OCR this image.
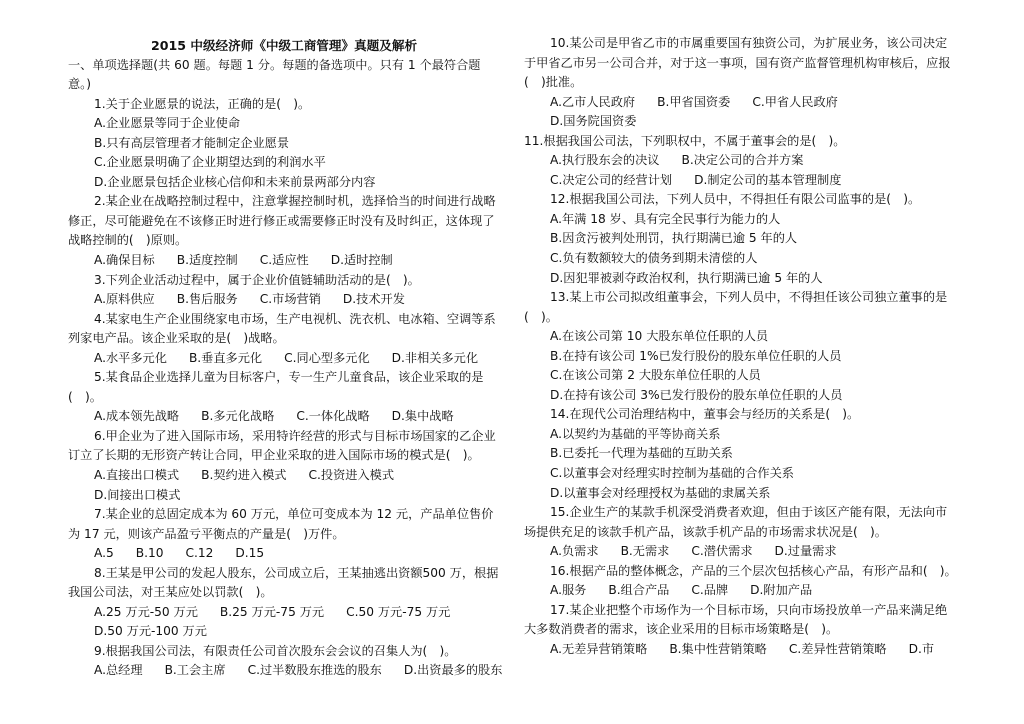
2015 中级经济师《中级工商管理》真题及解析
一、单项选择题(共 60 题。每题 1 分。每题的备选项中。只有 1 个最符合题意。)
1.关于企业愿景的说法，正确的是(　)。
A.企业愿景等同于企业使命
B.只有高层管理者才能制定企业愿景
C.企业愿景明确了企业期望达到的利润水平
D.企业愿景包括企业核心信仰和未来前景两部分内容
2.某企业在战略控制过程中，注意掌握控制时机，选择恰当的时间进行战略修正，尽可能避免在不该修正时进行修正或需要修正时没有及时纠正，这体现了战略控制的(　)原则。
A.确保目标 B.适度控制 C.适应性 D.适时控制
3.下列企业活动过程中，属于企业价值链辅助活动的是(　)。
A.原料供应 B.售后服务 C.市场营销 D.技术开发
4.某家电生产企业围绕家电市场，生产电视机、洗衣机、电冰箱、空调等系列家电产品。该企业采取的是(　)战略。
A.水平多元化 B.垂直多元化 C.同心型多元化 D.非相关多元化
5.某食品企业选择儿童为目标客户，专一生产儿童食品，该企业采取的是(　)。
A.成本领先战略 B.多元化战略 C.一体化战略 D.集中战略
6.甲企业为了进入国际市场，采用特许经营的形式与目标市场国家的乙企业订立了长期的无形资产转让合同，甲企业采取的进入国际市场的模式是(　)。
A.直接出口模式 B.契约进入模式 C.投资进入模式D.间接出口模式
7.某企业的总固定成本为 60 万元，单位可变成本为 12 元，产品单位售价为 17 元，则该产品盈亏平衡点的产量是(　)万件。
A.5 B.10 C.12 D.15
8.王某是甲公司的发起人股东，公司成立后，王某抽逃出资额500 万，根据我国公司法，对王某应处以罚款(　)。
A.25 万元-50 万元 B.25 万元-75 万元 C.50 万元-75 万元D.50 万元-100 万元
9.根据我国公司法，有限责任公司首次股东会会议的召集人为(　)。
A.总经理 B.工会主席 C.过半数股东推选的股东 D.出资最多的股东
10.某公司是甲省乙市的市属重要国有独资公司，为扩展业务，该公司决定于甲省乙市另一公司合并，对于这一事项，国有资产监督管理机构审核后，应报(　)批准。
A.乙市人民政府 B.甲省国资委 C.甲省人民政府D.国务院国资委
11.根据我国公司法，下列职权中，不属于董事会的是(　)。
A.执行股东会的决议 B.决定公司的合并方案
C.决定公司的经营计划 D.制定公司的基本管理制度
12.根据我国公司法，下列人员中，不得担任有限公司监事的是(　)。
A.年满 18 岁、具有完全民事行为能力的人
B.因贪污被判处刑罚，执行期满已逾 5 年的人
C.负有数额较大的债务到期未清偿的人
D.因犯罪被剥夺政治权利，执行期满已逾 5 年的人
13.某上市公司拟改组董事会，下列人员中，不得担任该公司独立董事的是(　)。
A.在该公司第 10 大股东单位任职的人员
B.在持有该公司 1%已发行股份的股东单位任职的人员
C.在该公司第 2 大股东单位任职的人员
D.在持有该公司 3%已发行股份的股东单位任职的人员
14.在现代公司治理结构中，董事会与经历的关系是(　)。
A.以契约为基础的平等协商关系
B.已委托一代理为基础的互助关系
C.以董事会对经理实时控制为基础的合作关系
D.以董事会对经理授权为基础的隶属关系
15.企业生产的某款手机深受消费者欢迎，但由于该区产能有限，无法向市场提供充足的该款手机产品，该款手机产品的市场需求状况是(　)。
A.负需求 B.无需求 C.潜伏需求 D.过量需求
16.根据产品的整体概念，产品的三个层次包括核心产品，有形产品和(　)。
A.服务 B.组合产品 C.品牌 D.附加产品
17.某企业把整个市场作为一个目标市场，只向市场投放单一产品来满足绝大多数消费者的需求，该企业采用的目标市场策略是(　)。
A.无差异营销策略 B.集中性营销策略 C.差异性营销策略 D.市
